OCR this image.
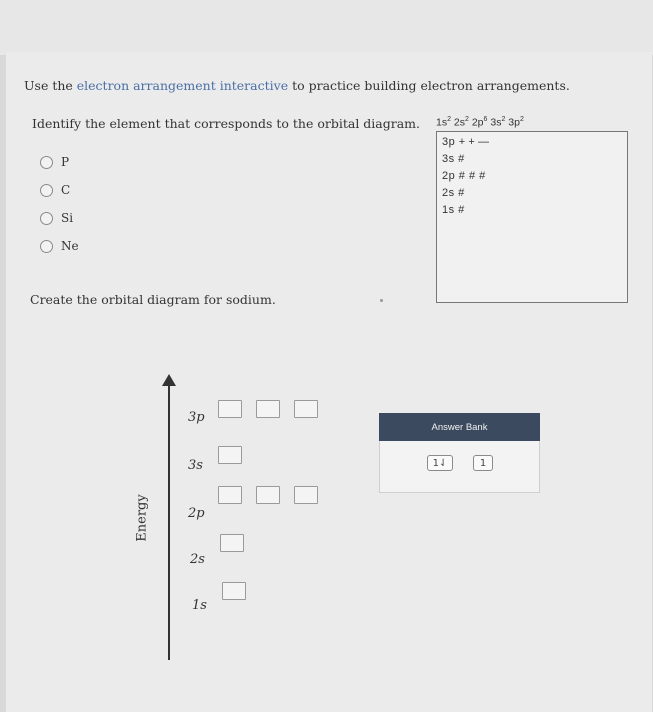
Use the electron arrangement interactive to practice building electron arrangements.
Identify the element that corresponds to the orbital diagram.
P
C
Si
Ne
$1s^2$ $2s^2$ $2p^6$ $3s^2$ $3p^2$
3p + + —
3s #
2p # # #
2s #
1s #
Create the orbital diagram for sodium.
Energy
3p
3s
2p
2s
1s
Answer Bank
1⇃	1
